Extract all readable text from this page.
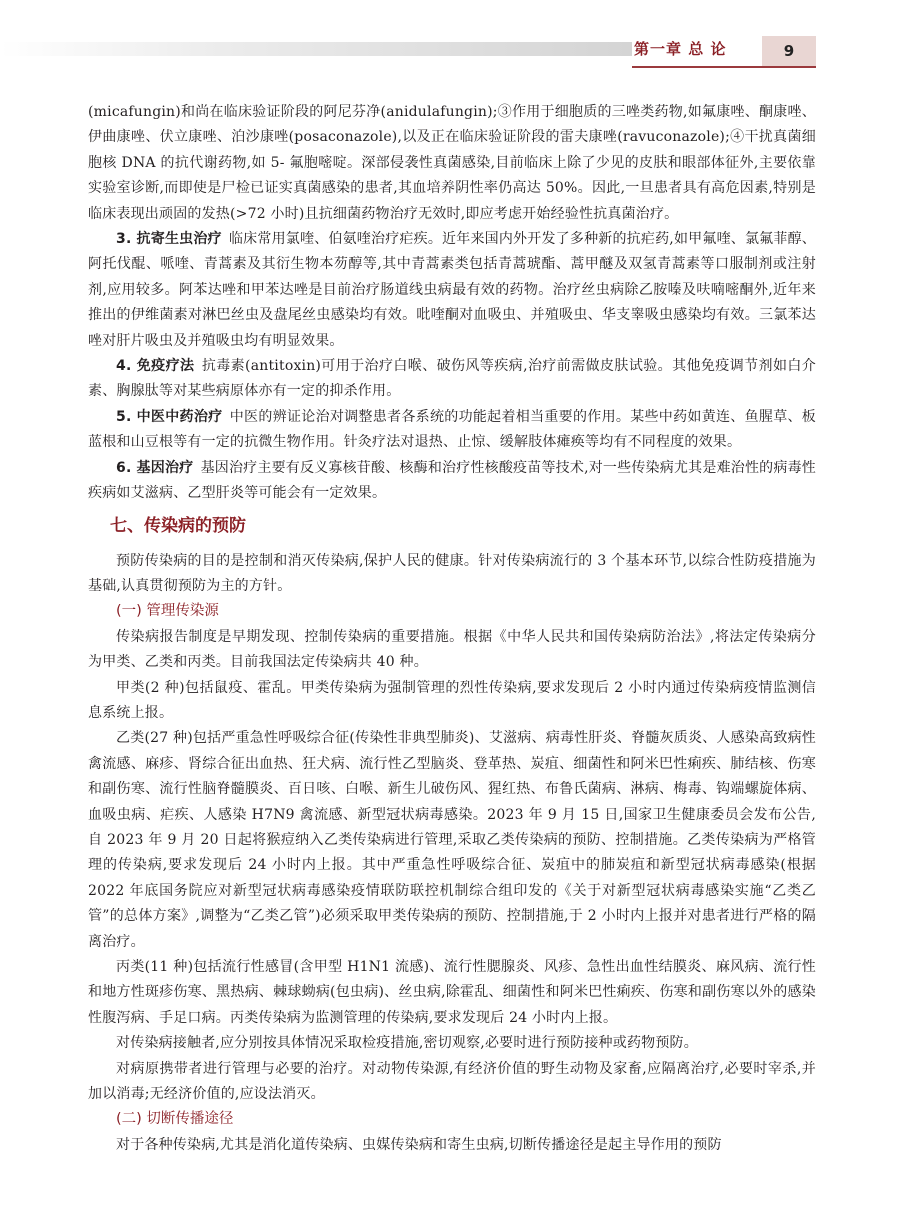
第一章 总 论	9

(micafungin)和尚在临床验证阶段的阿尼芬净(anidulafungin);③作用于细胞质的三唑类药物,如氟康唑、酮康唑、伊曲康唑、伏立康唑、泊沙康唑(posaconazole),以及正在临床验证阶段的雷夫康唑(ravuconazole);④干扰真菌细胞核 DNA 的抗代谢药物,如 5- 氟胞嘧啶。深部侵袭性真菌感染,目前临床上除了少见的皮肤和眼部体征外,主要依靠实验室诊断,而即使是尸检已证实真菌感染的患者,其血培养阴性率仍高达 50%。因此,一旦患者具有高危因素,特别是临床表现出顽固的发热(>72 小时)且抗细菌药物治疗无效时,即应考虑开始经验性抗真菌治疗。

3. 抗寄生虫治疗  临床常用氯喹、伯氨喹治疗疟疾。近年来国内外开发了多种新的抗疟药,如甲氟喹、氯氟菲醇、阿托伐醌、哌喹、青蒿素及其衍生物本芴醇等,其中青蒿素类包括青蒿琥酯、蒿甲醚及双氢青蒿素等口服制剂或注射剂,应用较多。阿苯达唑和甲苯达唑是目前治疗肠道线虫病最有效的药物。治疗丝虫病除乙胺嗪及呋喃嘧酮外,近年来推出的伊维菌素对淋巴丝虫及盘尾丝虫感染均有效。吡喹酮对血吸虫、并殖吸虫、华支睾吸虫感染均有效。三氯苯达唑对肝片吸虫及并殖吸虫均有明显效果。

4. 免疫疗法  抗毒素(antitoxin)可用于治疗白喉、破伤风等疾病,治疗前需做皮肤试验。其他免疫调节剂如白介素、胸腺肽等对某些病原体亦有一定的抑杀作用。

5. 中医中药治疗  中医的辨证论治对调整患者各系统的功能起着相当重要的作用。某些中药如黄连、鱼腥草、板蓝根和山豆根等有一定的抗微生物作用。针灸疗法对退热、止惊、缓解肢体瘫痪等均有不同程度的效果。

6. 基因治疗  基因治疗主要有反义寡核苷酸、核酶和治疗性核酸疫苗等技术,对一些传染病尤其是难治性的病毒性疾病如艾滋病、乙型肝炎等可能会有一定效果。

七、传染病的预防

预防传染病的目的是控制和消灭传染病,保护人民的健康。针对传染病流行的 3 个基本环节,以综合性防疫措施为基础,认真贯彻预防为主的方针。

(一) 管理传染源

传染病报告制度是早期发现、控制传染病的重要措施。根据《中华人民共和国传染病防治法》,将法定传染病分为甲类、乙类和丙类。目前我国法定传染病共 40 种。

甲类(2 种)包括鼠疫、霍乱。甲类传染病为强制管理的烈性传染病,要求发现后 2 小时内通过传染病疫情监测信息系统上报。

乙类(27 种)包括严重急性呼吸综合征(传染性非典型肺炎)、艾滋病、病毒性肝炎、脊髓灰质炎、人感染高致病性禽流感、麻疹、肾综合征出血热、狂犬病、流行性乙型脑炎、登革热、炭疽、细菌性和阿米巴性痢疾、肺结核、伤寒和副伤寒、流行性脑脊髓膜炎、百日咳、白喉、新生儿破伤风、猩红热、布鲁氏菌病、淋病、梅毒、钩端螺旋体病、血吸虫病、疟疾、人感染 H7N9 禽流感、新型冠状病毒感染。2023 年 9 月 15 日,国家卫生健康委员会发布公告,自 2023 年 9 月 20 日起将猴痘纳入乙类传染病进行管理,采取乙类传染病的预防、控制措施。乙类传染病为严格管理的传染病,要求发现后 24 小时内上报。其中严重急性呼吸综合征、炭疽中的肺炭疽和新型冠状病毒感染(根据 2022 年底国务院应对新型冠状病毒感染疫情联防联控机制综合组印发的《关于对新型冠状病毒感染实施“乙类乙管”的总体方案》,调整为“乙类乙管”)必须采取甲类传染病的预防、控制措施,于 2 小时内上报并对患者进行严格的隔离治疗。

丙类(11 种)包括流行性感冒(含甲型 H1N1 流感)、流行性腮腺炎、风疹、急性出血性结膜炎、麻风病、流行性和地方性斑疹伤寒、黑热病、棘球蚴病(包虫病)、丝虫病,除霍乱、细菌性和阿米巴性痢疾、伤寒和副伤寒以外的感染性腹泻病、手足口病。丙类传染病为监测管理的传染病,要求发现后 24 小时内上报。

对传染病接触者,应分别按具体情况采取检疫措施,密切观察,必要时进行预防接种或药物预防。

对病原携带者进行管理与必要的治疗。对动物传染源,有经济价值的野生动物及家畜,应隔离治疗,必要时宰杀,并加以消毒;无经济价值的,应设法消灭。

(二) 切断传播途径

对于各种传染病,尤其是消化道传染病、虫媒传染病和寄生虫病,切断传播途径是起主导作用的预防
